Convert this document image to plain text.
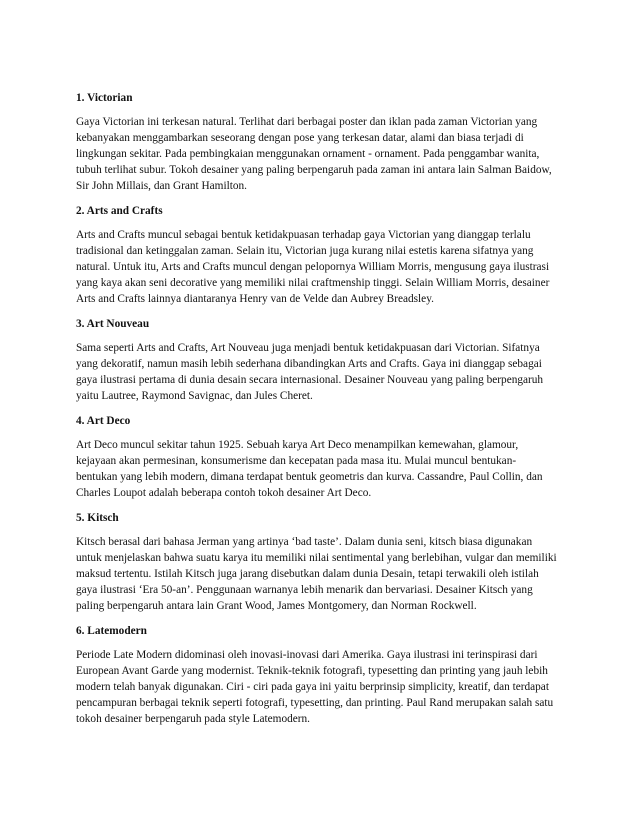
1. Victorian

Gaya Victorian ini terkesan natural. Terlihat dari berbagai poster dan iklan pada zaman Victorian yang
kebanyakan menggambarkan seseorang dengan pose yang terkesan datar, alami dan biasa terjadi di
lingkungan sekitar. Pada pembingkaian menggunakan ornament - ornament. Pada penggambar wanita,
tubuh terlihat subur. Tokoh desainer yang paling berpengaruh pada zaman ini antara lain Salman Baidow,
Sir John Millais, dan Grant Hamilton.

2. Arts and Crafts

Arts and Crafts muncul sebagai bentuk ketidakpuasan terhadap gaya Victorian yang dianggap terlalu
tradisional dan ketinggalan zaman. Selain itu, Victorian juga kurang nilai estetis karena sifatnya yang
natural. Untuk itu, Arts and Crafts muncul dengan pelopornya William Morris, mengusung gaya ilustrasi
yang kaya akan seni decorative yang memiliki nilai craftmenship tinggi. Selain William Morris, desainer
Arts and Crafts lainnya diantaranya Henry van de Velde dan Aubrey Breadsley.

3. Art Nouveau

Sama seperti Arts and Crafts, Art Nouveau juga menjadi bentuk ketidakpuasan dari Victorian. Sifatnya
yang dekoratif, namun masih lebih sederhana dibandingkan Arts and Crafts. Gaya ini dianggap sebagai
gaya ilustrasi pertama di dunia desain secara internasional. Desainer Nouveau yang paling berpengaruh
yaitu Lautree, Raymond Savignac, dan Jules Cheret.

4. Art Deco

Art Deco muncul sekitar tahun 1925. Sebuah karya Art Deco menampilkan kemewahan, glamour,
kejayaan akan permesinan, konsumerisme dan kecepatan pada masa itu. Mulai muncul bentukan-
bentukan yang lebih modern, dimana terdapat bentuk geometris dan kurva. Cassandre, Paul Collin, dan
Charles Loupot adalah beberapa contoh tokoh desainer Art Deco.

5. Kitsch

Kitsch berasal dari bahasa Jerman yang artinya ‘bad taste’. Dalam dunia seni, kitsch biasa digunakan
untuk menjelaskan bahwa suatu karya itu memiliki nilai sentimental yang berlebihan, vulgar dan memiliki
maksud tertentu. Istilah Kitsch juga jarang disebutkan dalam dunia Desain, tetapi terwakili oleh istilah
gaya ilustrasi ‘Era 50-an’. Penggunaan warnanya lebih menarik dan bervariasi. Desainer Kitsch yang
paling berpengaruh antara lain Grant Wood, James Montgomery, dan Norman Rockwell.

6. Latemodern

Periode Late Modern didominasi oleh inovasi-inovasi dari Amerika. Gaya ilustrasi ini terinspirasi dari
European Avant Garde yang modernist. Teknik-teknik fotografi, typesetting dan printing yang jauh lebih
modern telah banyak digunakan. Ciri - ciri pada gaya ini yaitu berprinsip simplicity, kreatif, dan terdapat
pencampuran berbagai teknik seperti fotografi, typesetting, dan printing. Paul Rand merupakan salah satu
tokoh desainer berpengaruh pada style Latemodern.
